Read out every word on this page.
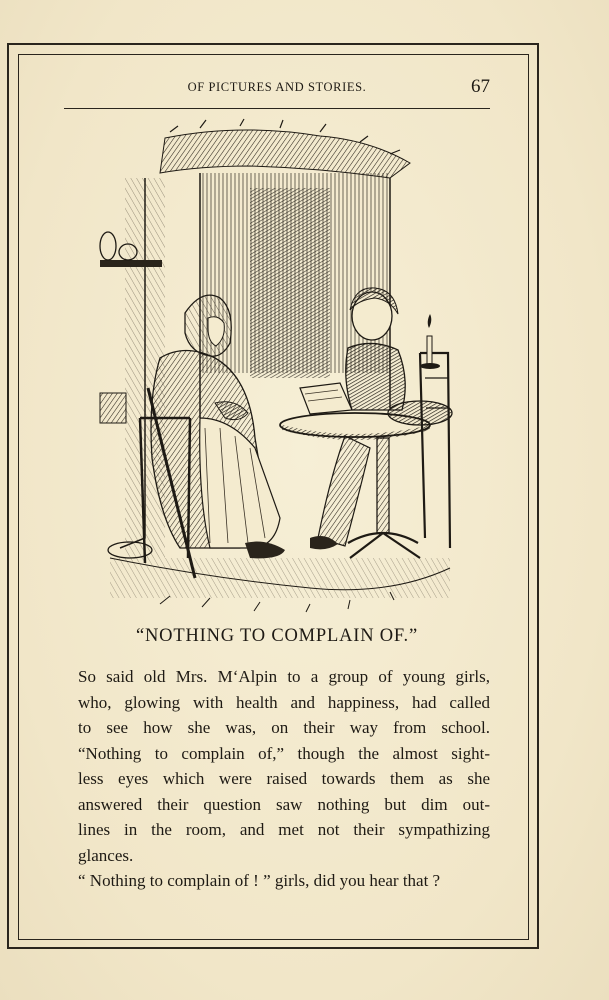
OF PICTURES AND STORIES.	67
“NOTHING TO COMPLAIN OF.”

So said old Mrs. M‘Alpin to a group of young girls,
who, glowing with health and happiness, had called
to see how she was, on their way from school.
“Nothing to complain of,” though the almost sight-
less eyes which were raised towards them as she
answered their question saw nothing but dim out-
lines in the room, and met not their sympathizing
glances.

“ Nothing to complain of ! ” girls, did you hear that ?
